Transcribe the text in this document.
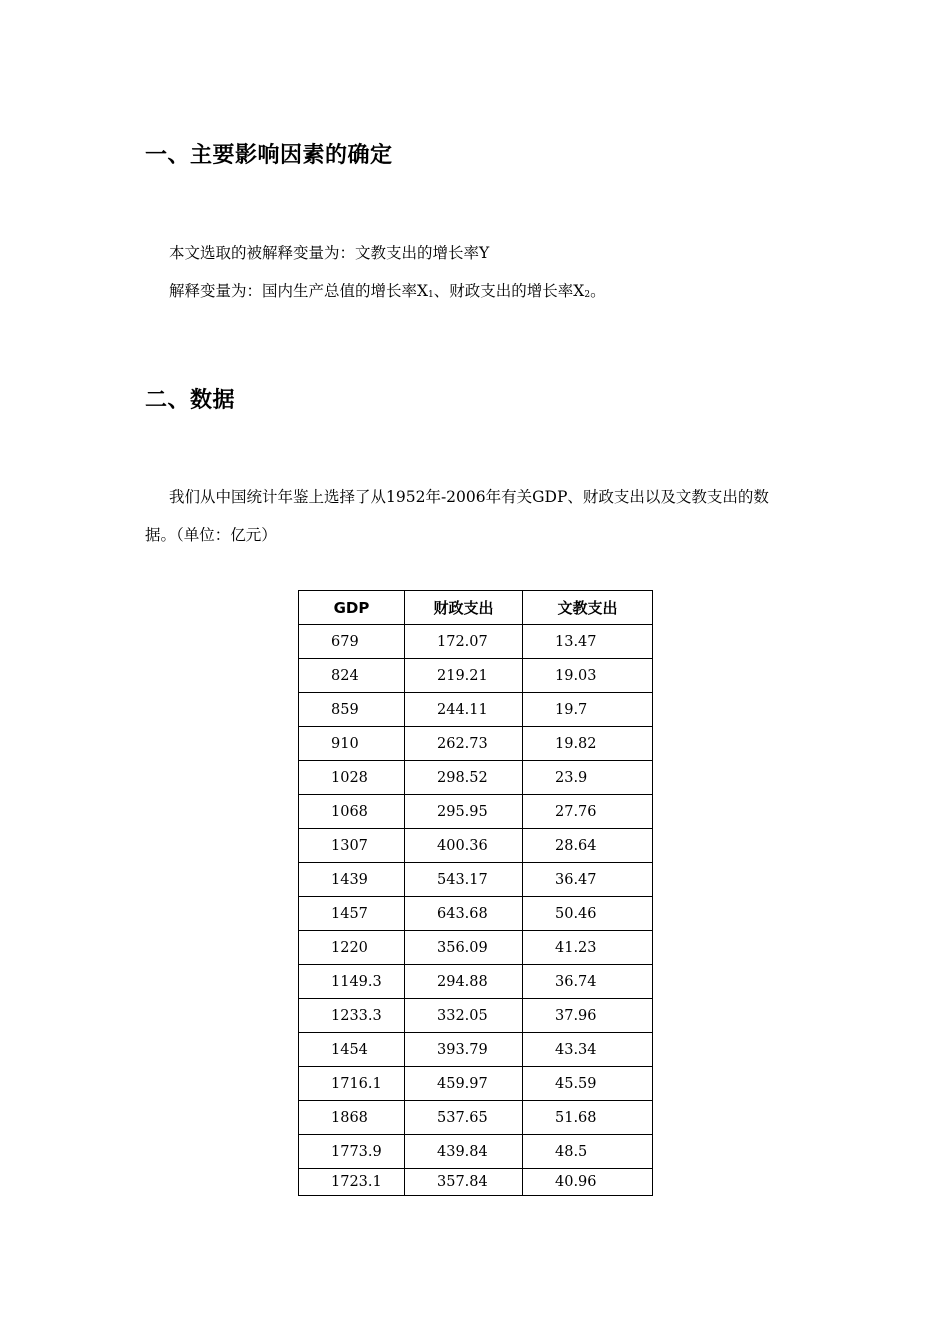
一、主要影响因素的确定
本文选取的被解释变量为：文教支出的增长率Y
解释变量为：国内生产总值的增长率$X_1$、财政支出的增长率$X_2$。
二、数据
我们从中国统计年鉴上选择了从1952年-2006年有关GDP、财政支出以及文教支出的数
据。（单位：亿元）
GDP	财政支出	文教支出
679	172.07	13.47
824	219.21	19.03
859	244.11	19.7
910	262.73	19.82
1028	298.52	23.9
1068	295.95	27.76
1307	400.36	28.64
1439	543.17	36.47
1457	643.68	50.46
1220	356.09	41.23
1149.3	294.88	36.74
1233.3	332.05	37.96
1454	393.79	43.34
1716.1	459.97	45.59
1868	537.65	51.68
1773.9	439.84	48.5
1723.1	357.84	40.96
